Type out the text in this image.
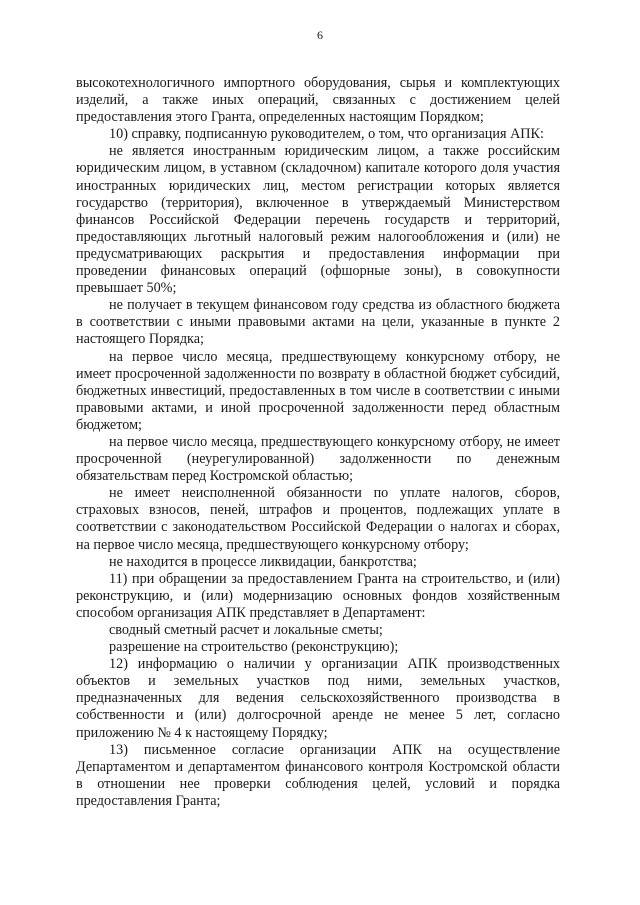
6

высокотехнологичного импортного оборудования, сырья и комплектующих изделий, а также иных операций, связанных с достижением целей предоставления этого Гранта, определенных настоящим Порядком;

10) справку, подписанную руководителем, о том, что организация АПК:

не является иностранным юридическим лицом, а также российским юридическим лицом, в уставном (складочном) капитале которого доля участия иностранных юридических лиц, местом регистрации которых является государство (территория), включенное в утверждаемый Министерством финансов Российской Федерации перечень государств и территорий, предоставляющих льготный налоговый режим налогообложения и (или) не предусматривающих раскрытия и предоставления информации при проведении финансовых операций (офшорные зоны), в совокупности превышает 50%;

не получает в текущем финансовом году средства из областного бюджета в соответствии с иными правовыми актами на цели, указанные в пункте 2 настоящего Порядка;

на первое число месяца, предшествующему конкурсному отбору, не имеет просроченной задолженности по возврату в областной бюджет субсидий, бюджетных инвестиций, предоставленных в том числе в соответствии с иными правовыми актами, и иной просроченной задолженности перед областным бюджетом;

на первое число месяца, предшествующего конкурсному отбору, не имеет просроченной (неурегулированной) задолженности по денежным обязательствам перед Костромской областью;

не имеет неисполненной обязанности по уплате налогов, сборов, страховых взносов, пеней, штрафов и процентов, подлежащих уплате в соответствии с законодательством Российской Федерации о налогах и сборах, на первое число месяца, предшествующего конкурсному отбору;

не находится в процессе ликвидации, банкротства;

11) при обращении за предоставлением Гранта на строительство, и (или) реконструкцию, и (или) модернизацию основных фондов хозяйственным способом организация АПК представляет в Департамент:

сводный сметный расчет и локальные сметы;

разрешение на строительство (реконструкцию);

12) информацию о наличии у организации АПК производственных объектов и земельных участков под ними, земельных участков, предназначенных для ведения сельскохозяйственного производства в собственности и (или) долгосрочной аренде не менее 5 лет, согласно приложению № 4 к настоящему Порядку;

13) письменное согласие организации АПК на осуществление Департаментом и департаментом финансового контроля Костромской области в отношении нее проверки соблюдения целей, условий и порядка предоставления Гранта;
